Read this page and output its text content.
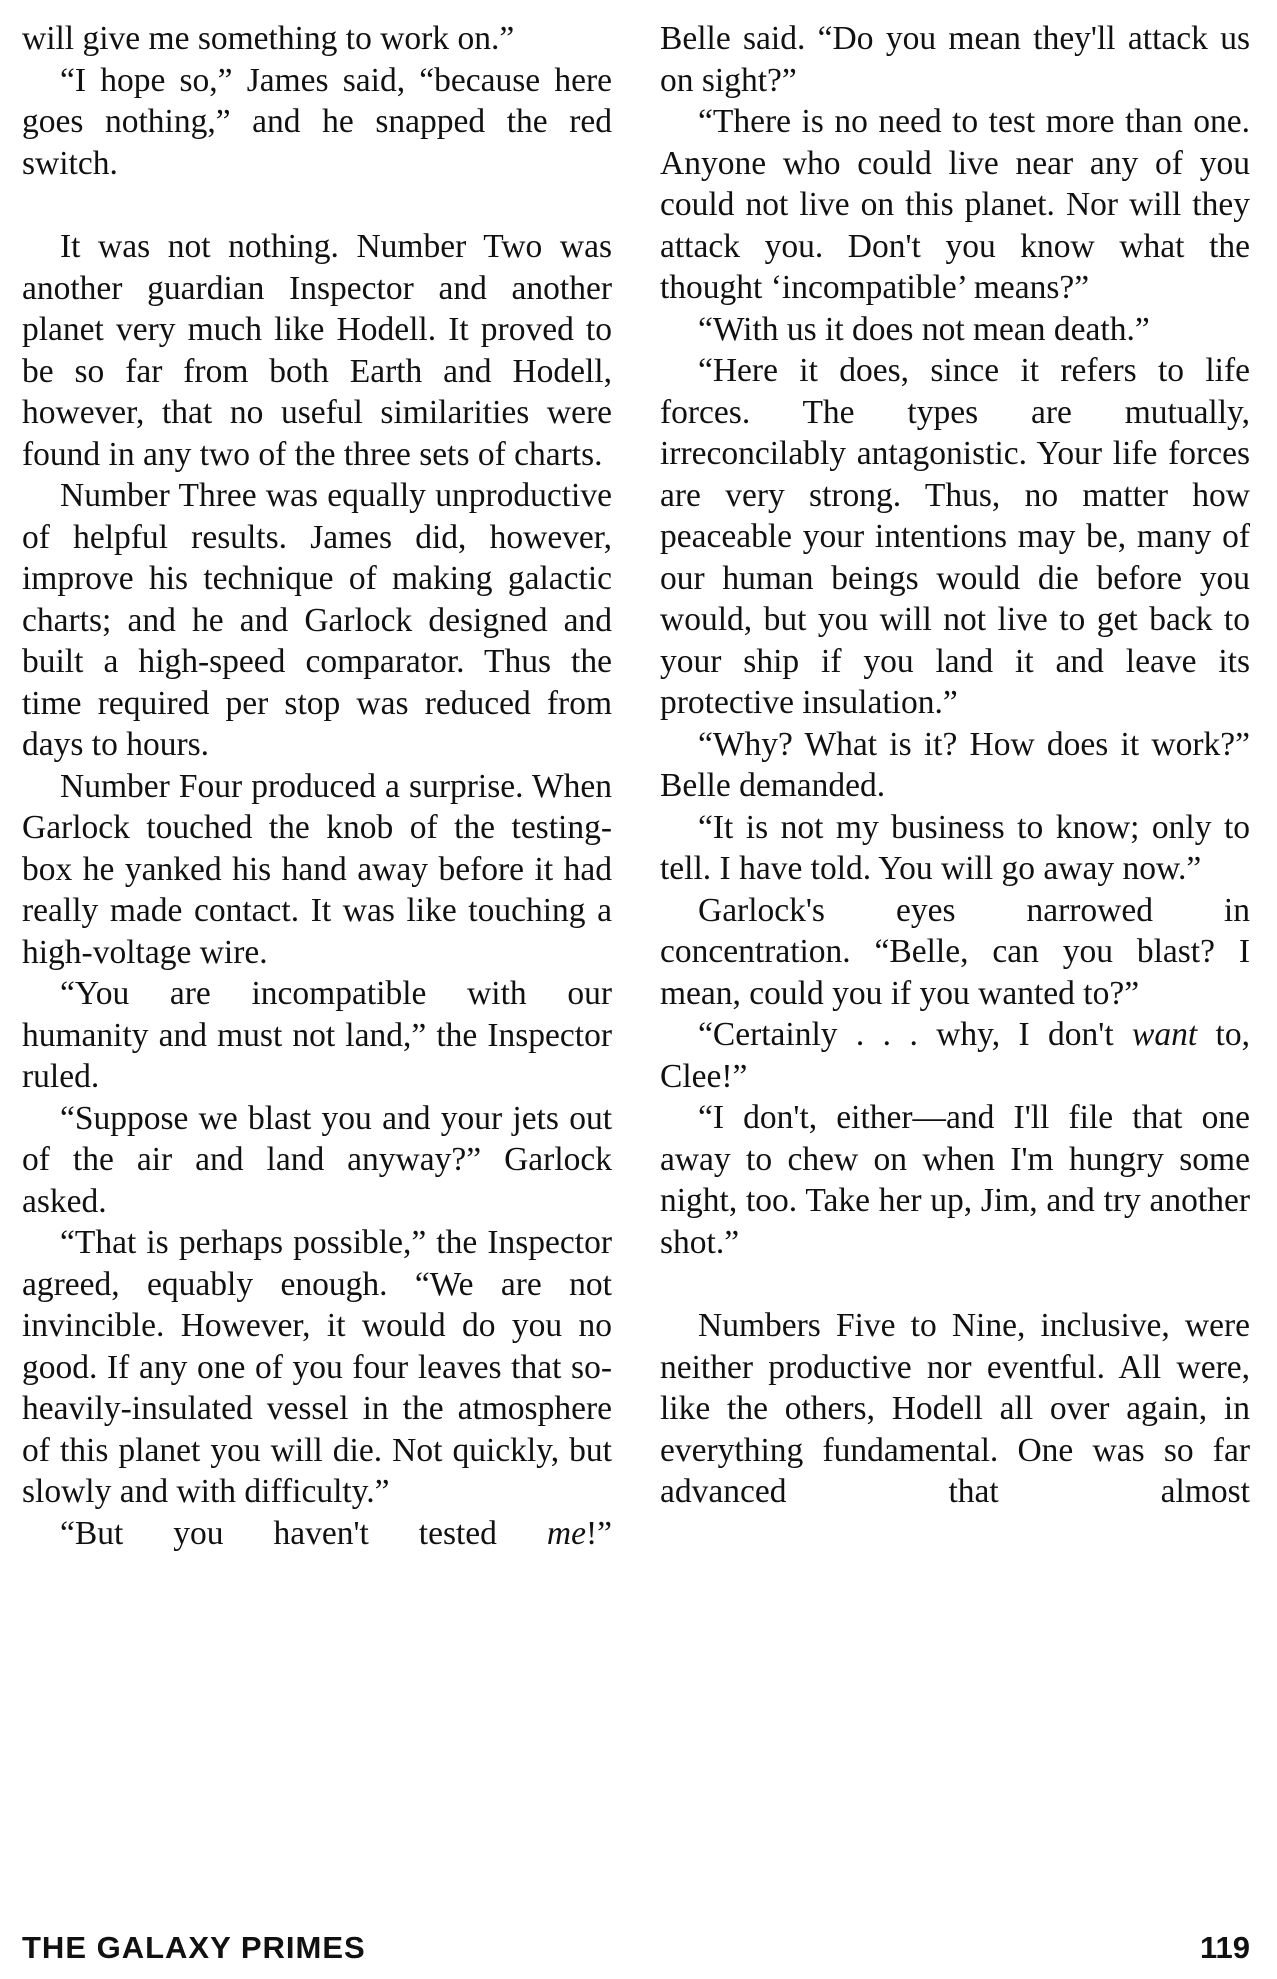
will give me something to work on.”

“I hope so,” James said, “because here goes nothing,” and he snapped the red switch.

It was not nothing. Number Two was another guardian Inspector and another planet very much like Hodell. It proved to be so far from both Earth and Hodell, however, that no useful similarities were found in any two of the three sets of charts.

Number Three was equally unproductive of helpful results. James did, however, improve his technique of making galactic charts; and he and Garlock designed and built a high-speed comparator. Thus the time required per stop was reduced from days to hours.

Number Four produced a surprise. When Garlock touched the knob of the testing-box he yanked his hand away before it had really made contact. It was like touching a high-voltage wire.

“You are incompatible with our humanity and must not land,” the Inspector ruled.

“Suppose we blast you and your jets out of the air and land anyway?” Garlock asked.

“That is perhaps possible,” the Inspector agreed, equably enough. “We are not invincible. However, it would do you no good. If any one of you four leaves that so-heavily-insulated vessel in the atmosphere of this planet you will die. Not quickly, but slowly and with difficulty.”

“But you haven't tested me!”

Belle said. “Do you mean they'll attack us on sight?”

“There is no need to test more than one. Anyone who could live near any of you could not live on this planet. Nor will they attack you. Don't you know what the thought ‘incompatible’ means?”

“With us it does not mean death.”

“Here it does, since it refers to life forces. The types are mutually, irreconcilably antagonistic. Your life forces are very strong. Thus, no matter how peaceable your intentions may be, many of our human beings would die before you would, but you will not live to get back to your ship if you land it and leave its protective insulation.”

“Why? What is it? How does it work?” Belle demanded.

“It is not my business to know; only to tell. I have told. You will go away now.”

Garlock's eyes narrowed in concentration. “Belle, can you blast? I mean, could you if you wanted to?”

“Certainly . . . why, I don't want to, Clee!”

“I don't, either—and I'll file that one away to chew on when I'm hungry some night, too. Take her up, Jim, and try another shot.”

Numbers Five to Nine, inclusive, were neither productive nor eventful. All were, like the others, Hodell all over again, in everything fundamental. One was so far advanced that almost

THE GALAXY PRIMES	119
